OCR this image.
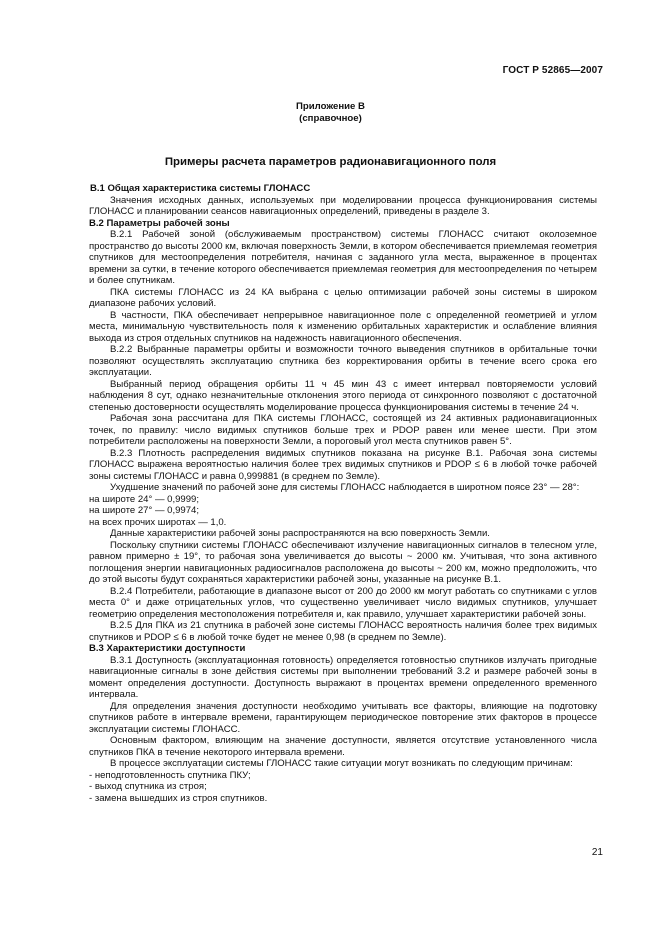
ГОСТ Р 52865—2007
Приложение В
(справочное)
Примеры расчета параметров радионавигационного поля

В.1 Общая характеристика системы ГЛОНАСС

Значения исходных данных, используемых при моделировании процесса функционирования системы ГЛОНАСС и планировании сеансов навигационных определений, приведены в разделе 3.

В.2 Параметры рабочей зоны

В.2.1 Рабочей зоной (обслуживаемым пространством) системы ГЛОНАСС считают околоземное пространство до высоты 2000 км, включая поверхность Земли, в котором обеспечивается приемлемая геометрия спутников для местоопределения потребителя, начиная с заданного угла места, выраженное в процентах времени за сутки, в течение которого обеспечивается приемлемая геометрия для местоопределения по четырем и более спутникам.

ПКА системы ГЛОНАСС из 24 КА выбрана с целью оптимизации рабочей зоны системы в широком диапазоне рабочих условий.

В частности, ПКА обеспечивает непрерывное навигационное поле с определенной геометрией и углом места, минимальную чувствительность поля к изменению орбитальных характеристик и ослабление влияния выхода из строя отдельных спутников на надежность навигационного обеспечения.

В.2.2 Выбранные параметры орбиты и возможности точного выведения спутников в орбитальные точки позволяют осуществлять эксплуатацию спутника без корректирования орбиты в течение всего срока его эксплуатации.

Выбранный период обращения орбиты 11 ч 45 мин 43 с имеет интервал повторяемости условий наблюдения 8 сут, однако незначительные отклонения этого периода от синхронного позволяют с достаточной степенью достоверности осуществлять моделирование процесса функционирования системы в течение 24 ч.

Рабочая зона рассчитана для ПКА системы ГЛОНАСС, состоящей из 24 активных радионавигационных точек, по правилу: число видимых спутников больше трех и PDOP равен или менее шести. При этом потребители расположены на поверхности Земли, а пороговый угол места спутников равен 5°.

В.2.3 Плотность распределения видимых спутников показана на рисунке В.1. Рабочая зона системы ГЛОНАСС выражена вероятностью наличия более трех видимых спутников и PDOP ≤ 6 в любой точке рабочей зоны системы ГЛОНАСС и равна 0,999881 (в среднем по Земле).

Ухудшение значений по рабочей зоне для системы ГЛОНАСС наблюдается в широтном поясе 23° — 28°:

на широте 24° — 0,9999;

на широте 27° — 0,9974;

на всех прочих широтах — 1,0.

Данные характеристики рабочей зоны распространяются на всю поверхность Земли.

Поскольку спутники системы ГЛОНАСС обеспечивают излучение навигационных сигналов в телесном угле, равном примерно ± 19°, то рабочая зона увеличивается до высоты ~ 2000 км. Учитывая, что зона активного поглощения энергии навигационных радиосигналов расположена до высоты ~ 200 км, можно предположить, что до этой высоты будут сохраняться характеристики рабочей зоны, указанные на рисунке В.1.

В.2.4 Потребители, работающие в диапазоне высот от 200 до 2000 км могут работать со спутниками с углов места 0° и даже отрицательных углов, что существенно увеличивает число видимых спутников, улучшает геометрию определения местоположения потребителя и, как правило, улучшает характеристики рабочей зоны.

В.2.5 Для ПКА из 21 спутника в рабочей зоне системы ГЛОНАСС вероятность наличия более трех видимых спутников и PDOP ≤ 6 в любой точке будет не менее 0,98 (в среднем по Земле).

В.3 Характеристики доступности

В.3.1 Доступность (эксплуатационная готовность) определяется готовностью спутников излучать пригодные навигационные сигналы в зоне действия системы при выполнении требований 3.2 и размере рабочей зоны в момент определения доступности. Доступность выражают в процентах времени определенного временного интервала.

Для определения значения доступности необходимо учитывать все факторы, влияющие на подготовку спутников работе в интервале времени, гарантирующем периодическое повторение этих факторов в процессе эксплуатации системы ГЛОНАСС.

Основным фактором, влияющим на значение доступности, является отсутствие установленного числа спутников ПКА в течение некоторого интервала времени.

В процессе эксплуатации системы ГЛОНАСС такие ситуации могут возникать по следующим причинам:

- неподготовленность спутника ПКУ;

- выход спутника из строя;

- замена вышедших из строя спутников.

21
